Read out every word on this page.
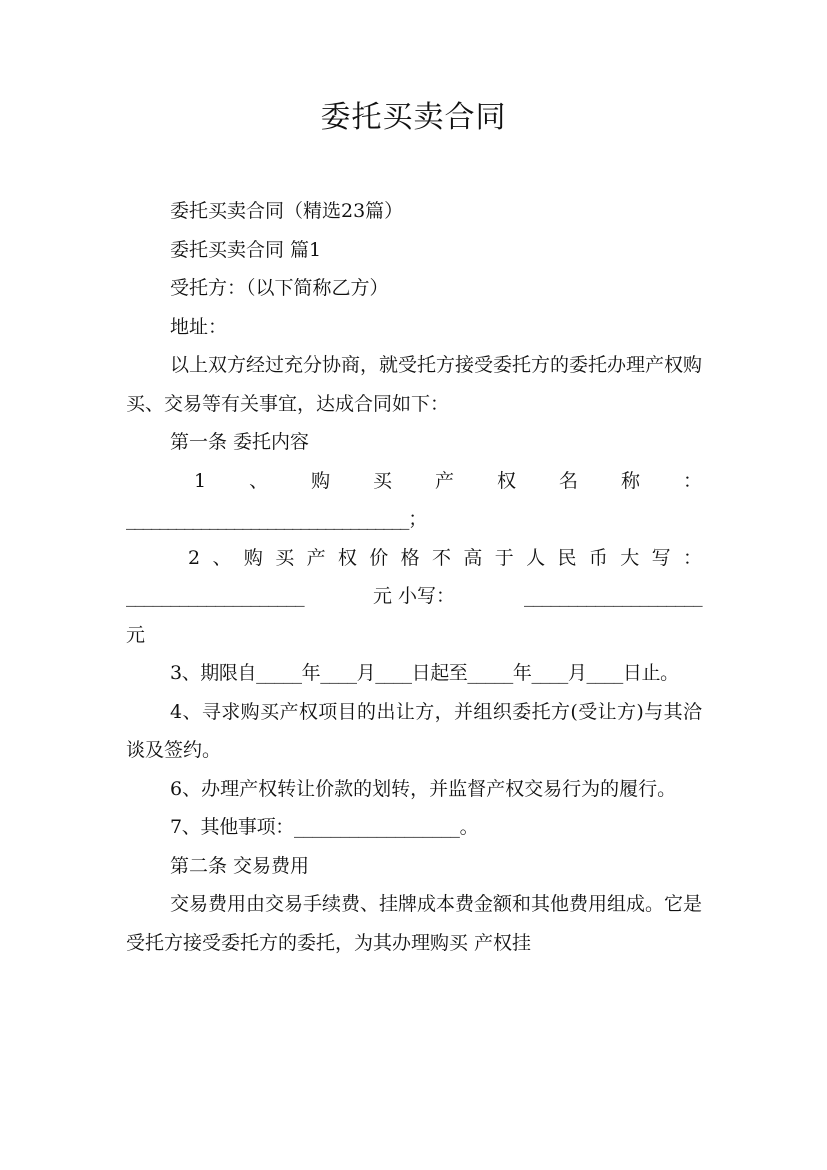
委托买卖合同

委托买卖合同（精选23篇）

委托买卖合同 篇1

受托方：（以下简称乙方）

地址：

以上双方经过充分协商，就受托方接受委托方的委托办理产权购买、交易等有关事宜，达成合同如下：

第一条 委托内容

1、购买产权名称：

__________________________________；

2、购买产权价格不高于人民币大写：

____________________	元 小写：	____________________

元

3、期限自_____年____月____日起至_____年____月____日止。

4、寻求购买产权项目的出让方，并组织委托方(受让方)与其洽谈及签约。

6、办理产权转让价款的划转，并监督产权交易行为的履行。

7、其他事项：__________________。

第二条 交易费用

交易费用由交易手续费、挂牌成本费金额和其他费用组成。它是受托方接受委托方的委托，为其办理购买 产权挂
